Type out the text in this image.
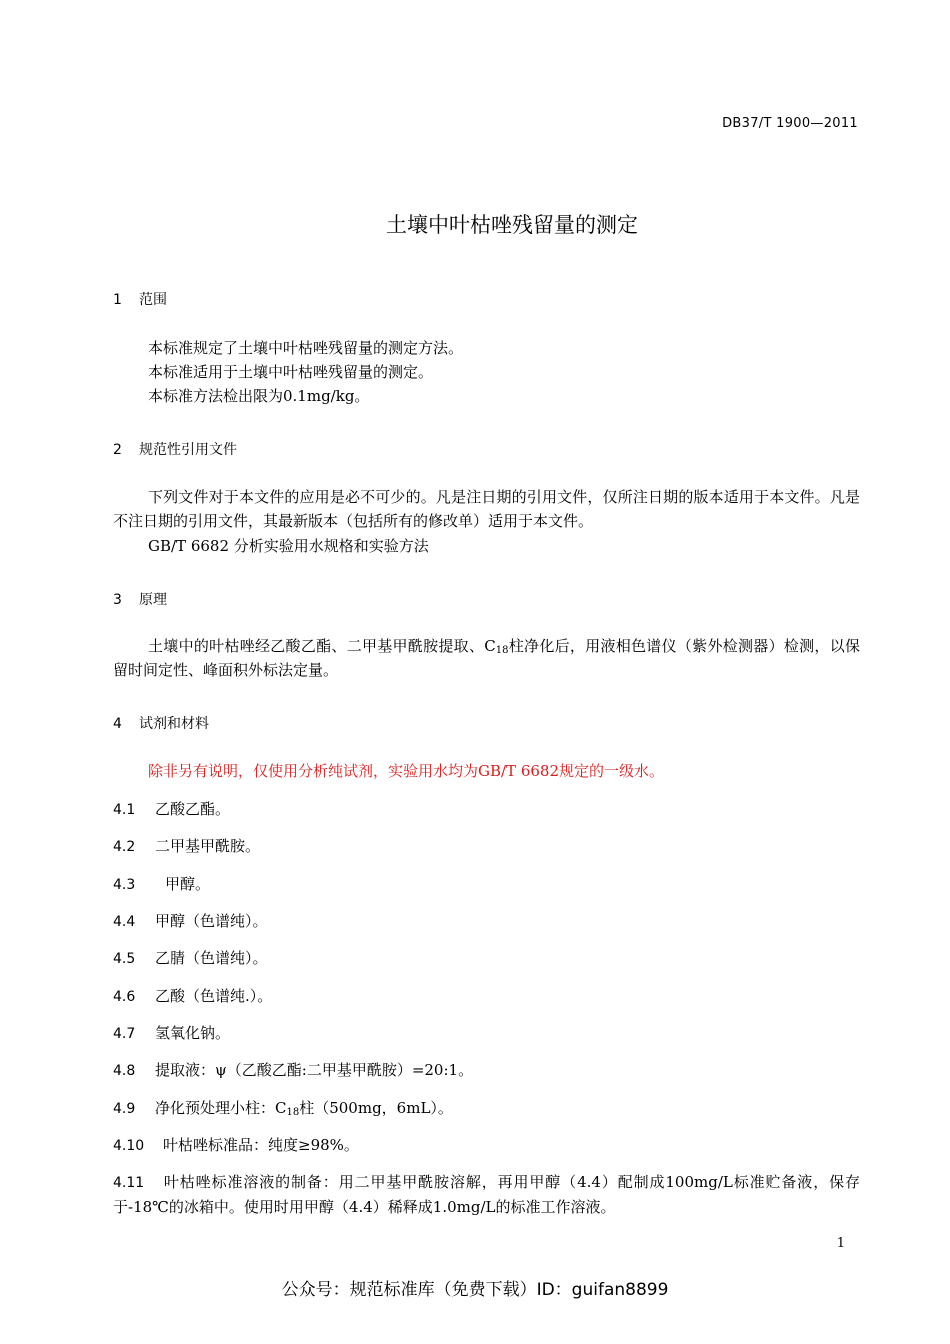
DB37/T 1900—2011
土壤中叶枯唑残留量的测定
1 范围
本标准规定了土壤中叶枯唑残留量的测定方法。
本标准适用于土壤中叶枯唑残留量的测定。
本标准方法检出限为0.1mg/kg。
2 规范性引用文件
下列文件对于本文件的应用是必不可少的。凡是注日期的引用文件，仅所注日期的版本适用于本文件。凡是不注日期的引用文件，其最新版本（包括所有的修改单）适用于本文件。
GB/T 6682 分析实验用水规格和实验方法
3 原理
土壤中的叶枯唑经乙酸乙酯、二甲基甲酰胺提取、$C_{18}$柱净化后，用液相色谱仪（紫外检测器）检测，以保留时间定性、峰面积外标法定量。
4 试剂和材料
除非另有说明，仅使用分析纯试剂，实验用水均为GB/T 6682规定的一级水。
4.1 乙酸乙酯。
4.2 二甲基甲酰胺。
4.3 甲醇。
4.4 甲醇（色谱纯）。
4.5 乙腈（色谱纯）。
4.6 乙酸（色谱纯.）。
4.7 氢氧化钠。
4.8 提取液：ψ（乙酸乙酯:二甲基甲酰胺）=20:1。
4.9 净化预处理小柱：$C_{18}$柱（500mg，6mL）。
4.10 叶枯唑标准品：纯度≥98%。
4.11 叶枯唑标准溶液的制备：用二甲基甲酰胺溶解，再用甲醇（4.4）配制成100mg/L标准贮备液，保存于-18℃的冰箱中。使用时用甲醇（4.4）稀释成1.0mg/L的标准工作溶液。
1
公众号：规范标准库（免费下载）ID：guifan8899
